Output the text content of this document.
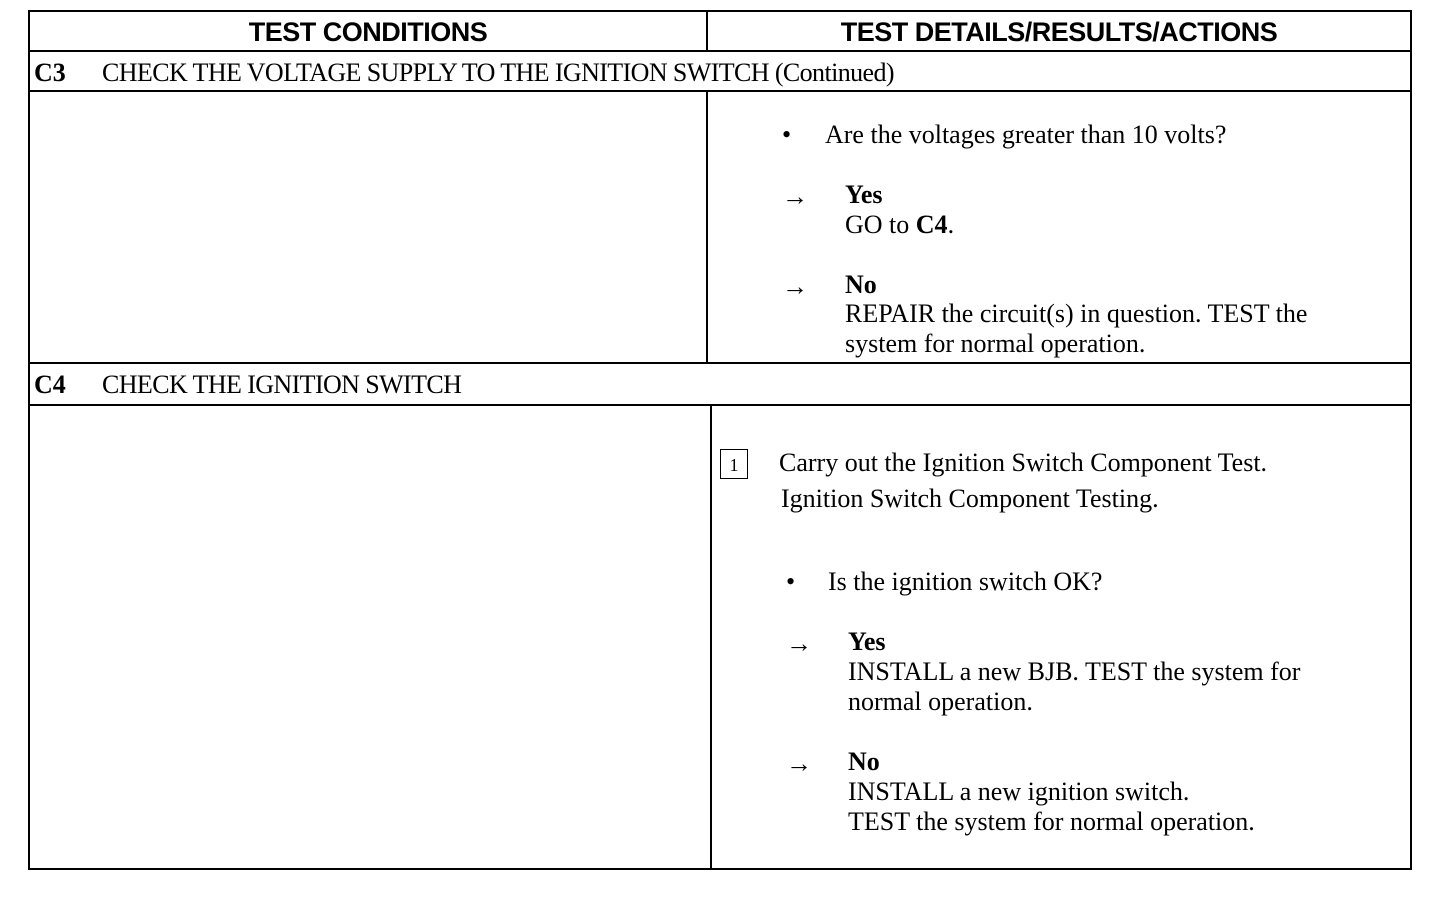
TEST CONDITIONS	TEST DETAILS/RESULTS/ACTIONS
C3 CHECK THE VOLTAGE SUPPLY TO THE IGNITION SWITCH (Continued)
• Are the voltages greater than 10 volts?
→ Yes
GO to C4.
→ No
REPAIR the circuit(s) in question. TEST the
system for normal operation.
C4 CHECK THE IGNITION SWITCH
1	Carry out the Ignition Switch Component Test.
Ignition Switch Component Testing.
• Is the ignition switch OK?
→ Yes
INSTALL a new BJB. TEST the system for
normal operation.
→ No
INSTALL a new ignition switch.
TEST the system for normal operation.
